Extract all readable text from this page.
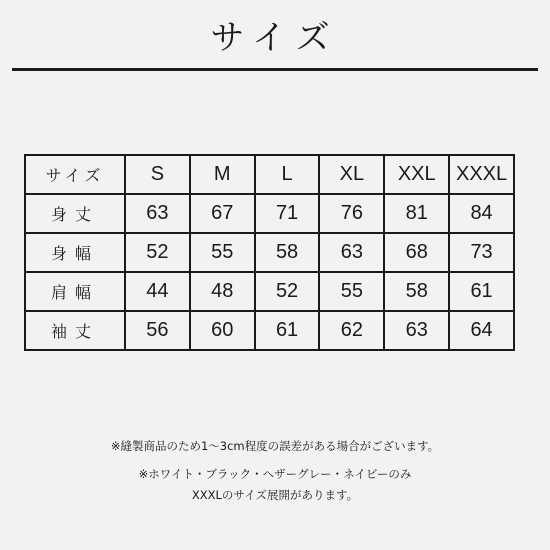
サイズ
サイズ	S	M	L	XL	XXL	XXXL
身丈	63	67	71	76	81	84
身幅	52	55	58	63	68	73
肩幅	44	48	52	55	58	61
袖丈	56	60	61	62	63	64
※縫製商品のため1〜3cm程度の誤差がある場合がございます。
※ホワイト・ブラック・ヘザーグレー・ネイビーのみ
XXXLのサイズ展開があります。
